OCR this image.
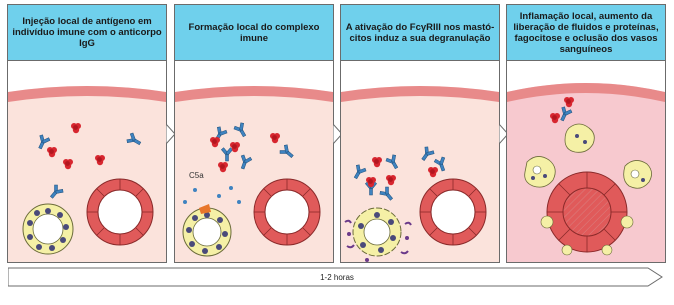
Injeção local de antígeno em indivíduo imune com o anticorpo IgG
Formação local do complexo imune
C5a
A ativação do FcγRIII nos mastó-citos induz a sua degranulação
Inflamação local, aumento da liberação de fluidos e proteínas, fagocitose e oclusão dos vasos sanguíneos
1-2 horas
